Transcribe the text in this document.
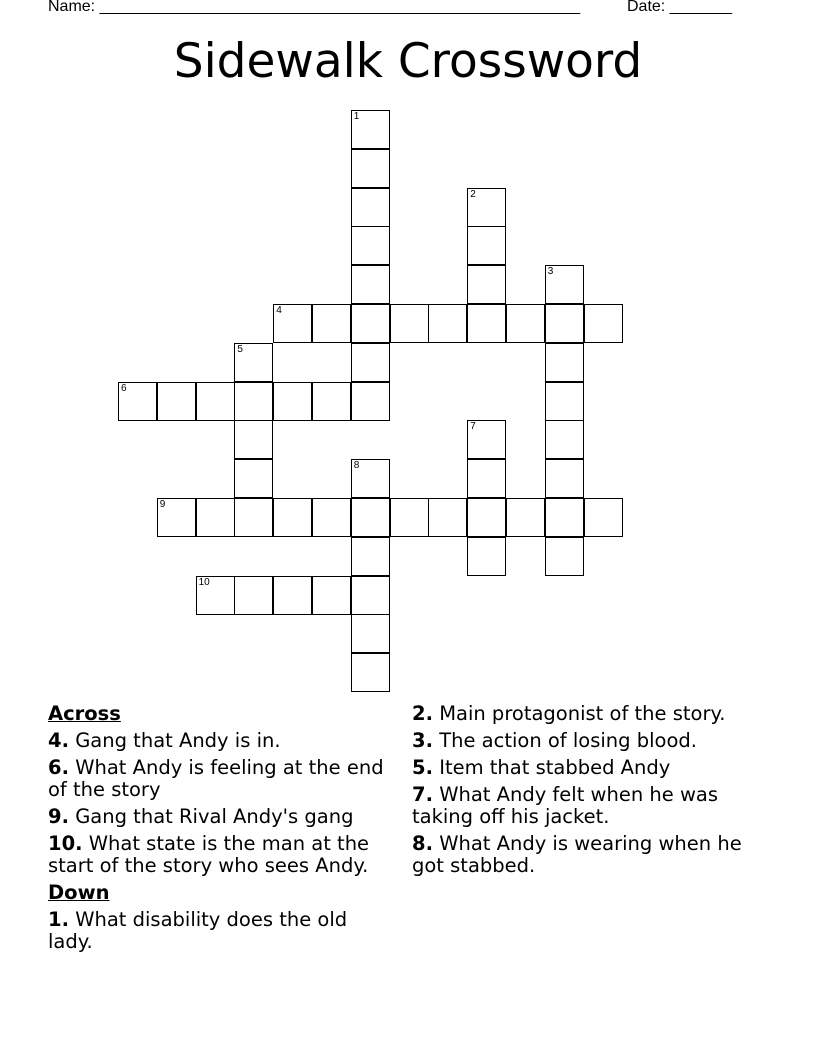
Name: ______________________________________________________	Date: _______
Sidewalk Crossword
1
2
3
4
5
6
7
8
9
10
Across
4. Gang that Andy is in.
6. What Andy is feeling at the end of the story
9. Gang that Rival Andy's gang
10. What state is the man at the start of the story who sees Andy.
Down
1. What disability does the old lady.
2. Main protagonist of the story.
3. The action of losing blood.
5. Item that stabbed Andy
7. What Andy felt when he was taking off his jacket.
8. What Andy is wearing when he got stabbed.
